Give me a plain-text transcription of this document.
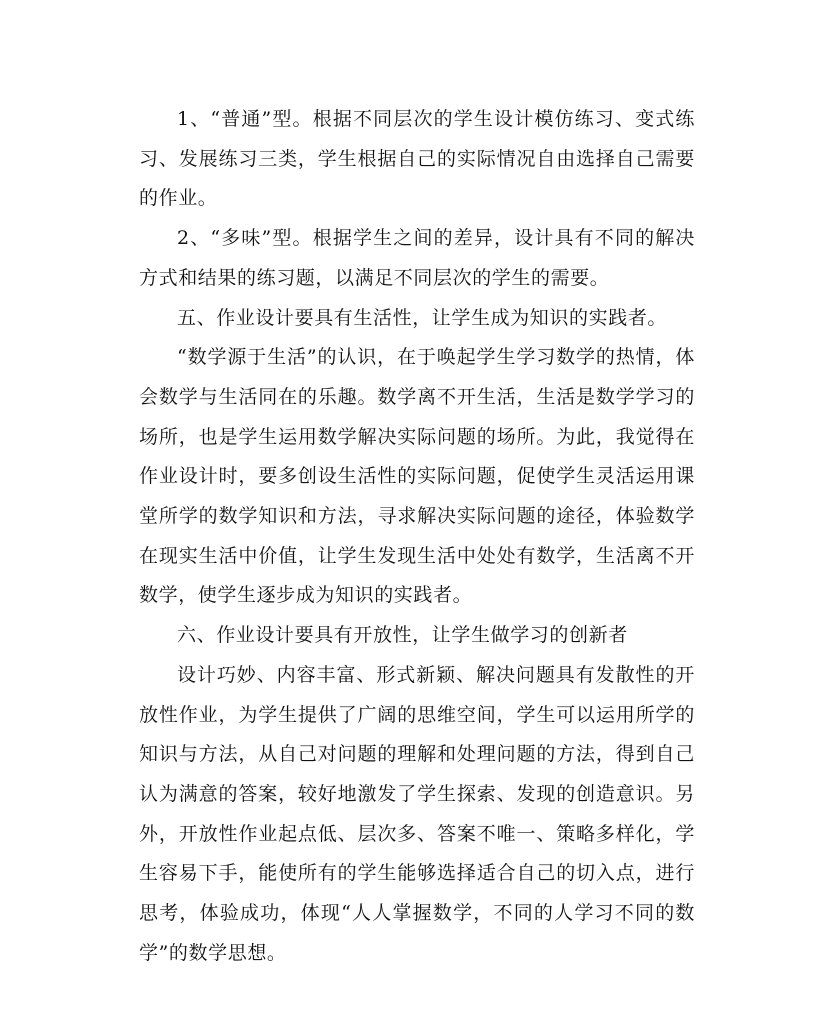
1、“普通”型。根据不同层次的学生设计模仿练习、变式练习、发展练习三类，学生根据自己的实际情况自由选择自己需要的作业。

2、“多味”型。根据学生之间的差异，设计具有不同的解决方式和结果的练习题，以满足不同层次的学生的需要。

五、作业设计要具有生活性，让学生成为知识的实践者。

“数学源于生活”的认识，在于唤起学生学习数学的热情，体会数学与生活同在的乐趣。数学离不开生活，生活是数学学习的场所，也是学生运用数学解决实际问题的场所。为此，我觉得在作业设计时，要多创设生活性的实际问题，促使学生灵活运用课堂所学的数学知识和方法，寻求解决实际问题的途径，体验数学在现实生活中价值，让学生发现生活中处处有数学，生活离不开数学，使学生逐步成为知识的实践者。

六、作业设计要具有开放性，让学生做学习的创新者

设计巧妙、内容丰富、形式新颖、解决问题具有发散性的开放性作业，为学生提供了广阔的思维空间，学生可以运用所学的知识与方法，从自己对问题的理解和处理问题的方法，得到自己认为满意的答案，较好地激发了学生探索、发现的创造意识。另外，开放性作业起点低、层次多、答案不唯一、策略多样化，学生容易下手，能使所有的学生能够选择适合自己的切入点，进行思考，体验成功，体现“人人掌握数学，不同的人学习不同的数学”的数学思想。
